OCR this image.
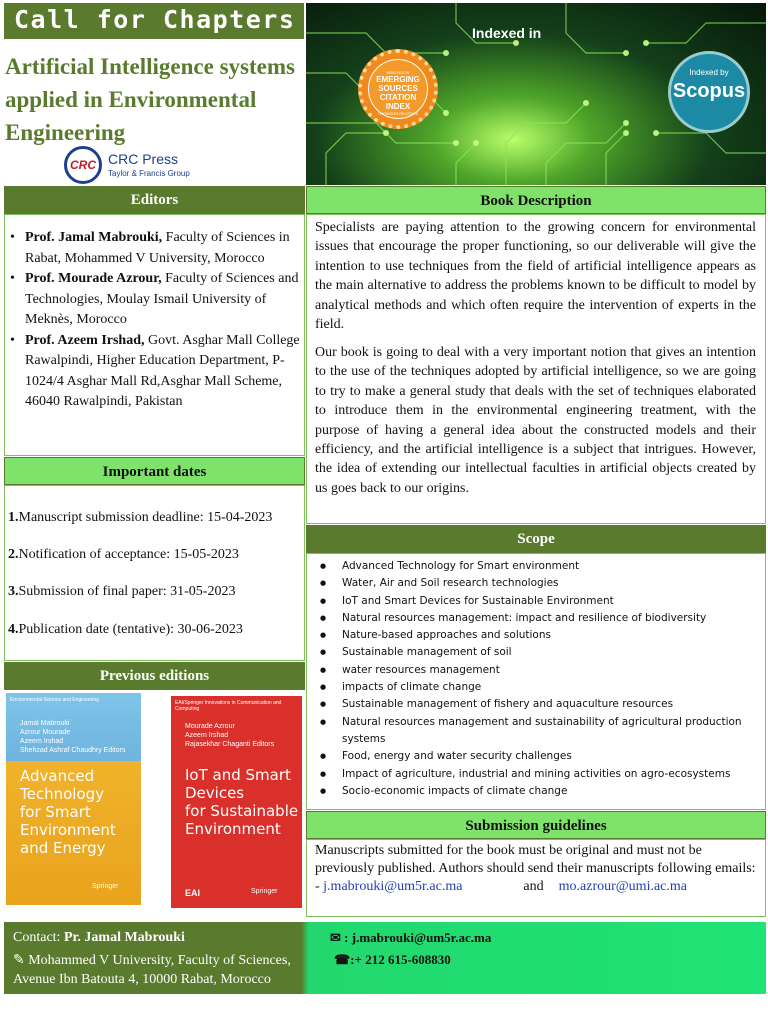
Call for Chapters
Artificial Intelligence systems applied in Environmental Engineering
CRC CRC Press
Taylor & Francis Group
Indexed in
INDEXED IN
EMERGING
SOURCES
CITATION
INDEX
THOMSON REUTERS
Indexed by
Scopus
Editors
• Prof. Jamal Mabrouki, Faculty of Sciences in Rabat, Mohammed V University, Morocco
• Prof. Mourade Azrour, Faculty of Sciences and Technologies, Moulay Ismail University of Meknès, Morocco
• Prof. Azeem Irshad, Govt. Asghar Mall College Rawalpindi, Higher Education Department, P-1024/4 Asghar Mall Rd,Asghar Mall Scheme, 46040 Rawalpindi, Pakistan
Important dates
1.Manuscript submission deadline: 15-04-2023
2.Notification of acceptance: 15-05-2023
3.Submission of final paper: 31-05-2023
4.Publication date (tentative): 30-06-2023
Previous editions
Environmental Science and Engineering
Jamal Mabrouki
Azrour Mourade
Azeem Irshad
Shehzad Ashraf Chaudhry Editors
Advanced
Technology
for Smart
Environment
and Energy
Springer
EAI/Springer Innovations in Communication and Computing
Mourade Azrour
Azeem Irshad
Rajasekhar Chaganti Editors
IoT and Smart
Devices
for Sustainable
Environment
EAI	Springer
Book Description

Specialists are paying attention to the growing concern for environmental issues that encourage the proper functioning, so our deliverable will give the intention to use techniques from the field of artificial intelligence appears as the main alternative to address the problems known to be difficult to model by analytical methods and which often require the intervention of experts in the field.

Our book is going to deal with a very important notion that gives an intention to the use of the techniques adopted by artificial intelligence, so we are going to try to make a general study that deals with the set of techniques elaborated to introduce them in the environmental engineering treatment, with the purpose of having a general idea about the constructed models and their efficiency, and the artificial intelligence is a subject that intrigues. However, the idea of extending our intellectual faculties in artificial objects created by us goes back to our origins.

Scope
● Advanced Technology for Smart environment
● Water, Air and Soil research technologies
● IoT and Smart Devices for Sustainable Environment
● Natural resources management: impact and resilience of biodiversity
● Nature-based approaches and solutions
● Sustainable management of soil
● water resources management
● impacts of climate change
● Sustainable management of fishery and aquaculture resources
● Natural resources management and sustainability of agricultural production systems
● Food, energy and water security challenges
● Impact of agriculture, industrial and mining activities on agro-ecosystems
● Socio-economic impacts of climate change
Submission guidelines
Manuscripts submitted for the book must be original and must not be previously published. Authors should send their manuscripts following emails:
- j.mabrouki@um5r.ac.ma	and mo.azrour@umi.ac.ma
Contact: Pr. Jamal Mabrouki
✎ Mohammed V University, Faculty of Sciences,
Avenue Ibn Batouta 4, 10000 Rabat, Morocco
✉ : j.mabrouki@um5r.ac.ma
☎:+ 212 615-608830
